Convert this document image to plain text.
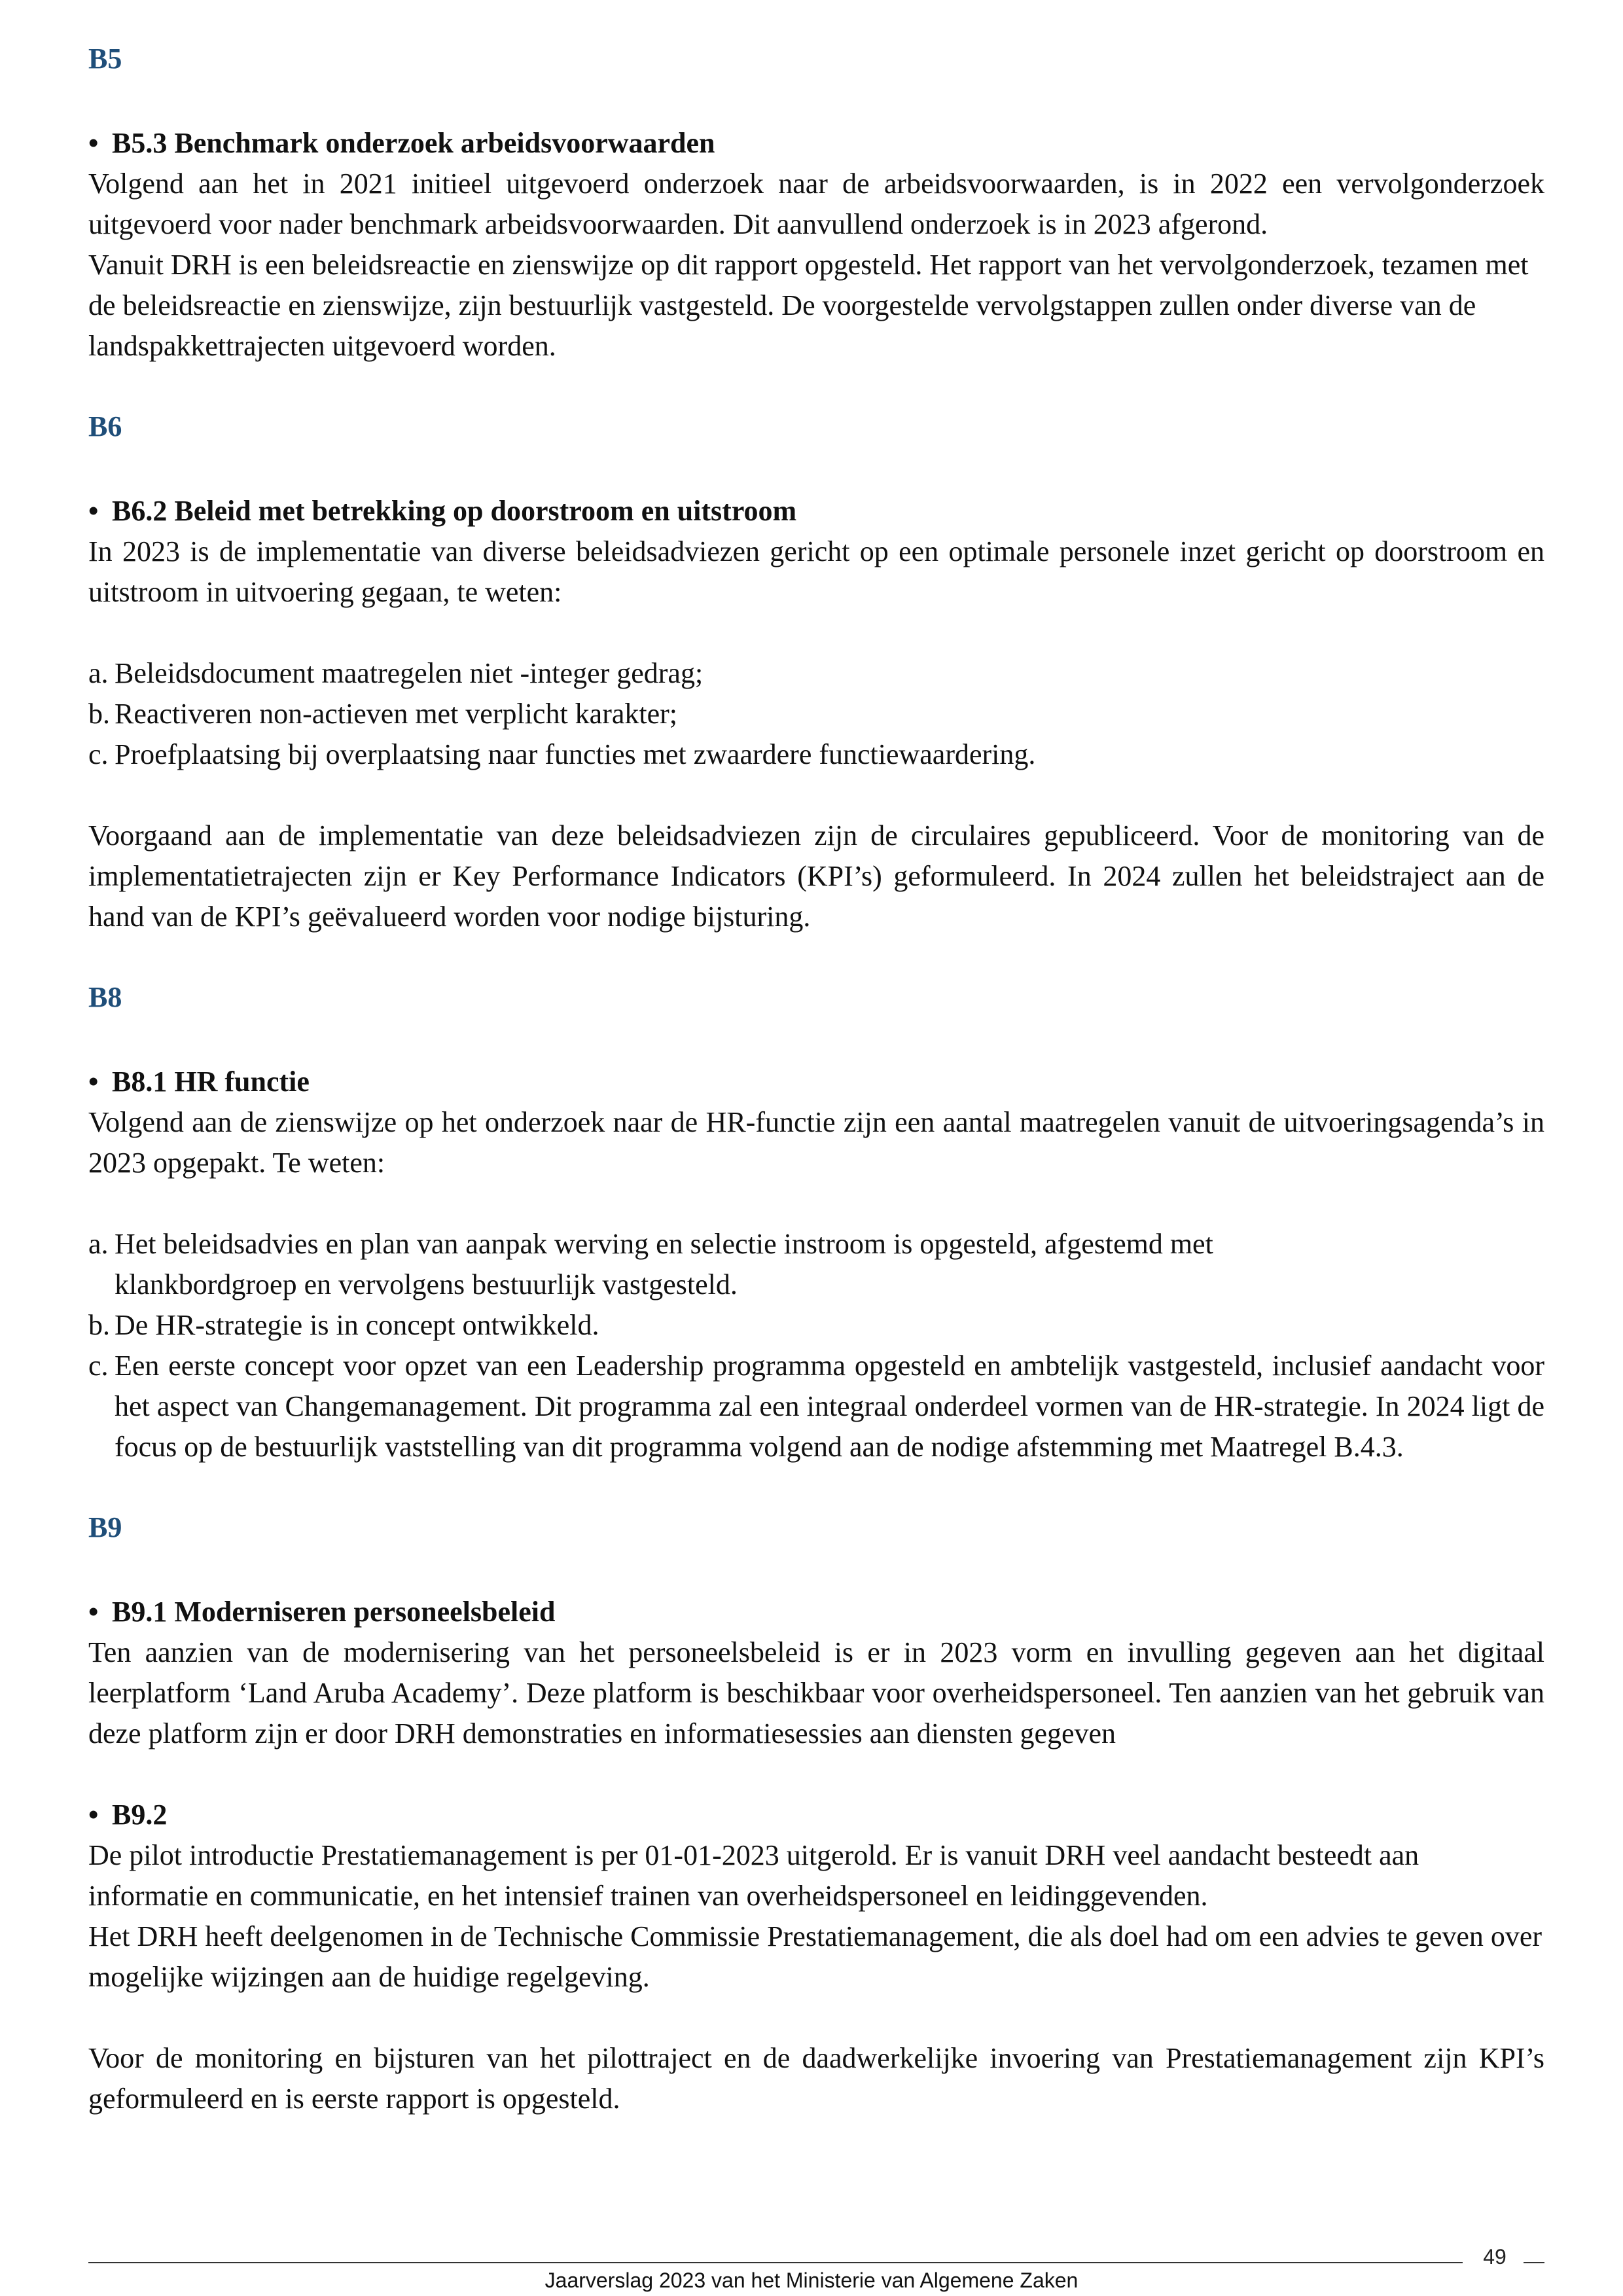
B5
• B5.3 Benchmark onderzoek arbeidsvoorwaarden

Volgend aan het in 2021 initieel uitgevoerd onderzoek naar de arbeidsvoorwaarden, is in 2022 een vervolgonderzoek uitgevoerd voor nader benchmark arbeidsvoorwaarden. Dit aanvullend onderzoek is in 2023 afgerond.

Vanuit DRH is een beleidsreactie en zienswijze op dit rapport opgesteld. Het rapport van het vervolgonderzoek, tezamen met de beleidsreactie en zienswijze, zijn bestuurlijk vastgesteld. De voorgestelde vervolgstappen zullen onder diverse van de landspakkettrajecten uitgevoerd worden.

B6
• B6.2 Beleid met betrekking op doorstroom en uitstroom

In 2023 is de implementatie van diverse beleidsadviezen gericht op een optimale personele inzet gericht op doorstroom en uitstroom in uitvoering gegaan, te weten:

a. Beleidsdocument maatregelen niet -integer gedrag;
b. Reactiveren non-actieven met verplicht karakter;
c. Proefplaatsing bij overplaatsing naar functies met zwaardere functiewaardering.

Voorgaand aan de implementatie van deze beleidsadviezen zijn de circulaires gepubliceerd. Voor de monitoring van de implementatietrajecten zijn er Key Performance Indicators (KPI’s) geformuleerd. In 2024 zullen het beleidstraject aan de hand van de KPI’s geëvalueerd worden voor nodige bijsturing.

B8
• B8.1 HR functie

Volgend aan de zienswijze op het onderzoek naar de HR-functie zijn een aantal maatregelen vanuit de uitvoeringsagenda’s in 2023 opgepakt. Te weten:

a. Het beleidsadvies en plan van aanpak werving en selectie instroom is opgesteld, afgestemd met klankbordgroep en vervolgens bestuurlijk vastgesteld.
b. De HR-strategie is in concept ontwikkeld.
c. Een eerste concept voor opzet van een Leadership programma opgesteld en ambtelijk vastgesteld, inclusief aandacht voor het aspect van Changemanagement. Dit programma zal een integraal onderdeel vormen van de HR-strategie. In 2024 ligt de focus op de bestuurlijk vaststelling van dit programma volgend aan de nodige afstemming met Maatregel B.4.3.
B9
• B9.1 Moderniseren personeelsbeleid

Ten aanzien van de modernisering van het personeelsbeleid is er in 2023 vorm en invulling gegeven aan het digitaal leerplatform ‘Land Aruba Academy’. Deze platform is beschikbaar voor overheidspersoneel. Ten aanzien van het gebruik van deze platform zijn er door DRH demonstraties en informatiesessies aan diensten gegeven

• B9.2

De pilot introductie Prestatiemanagement is per 01-01-2023 uitgerold. Er is vanuit DRH veel aandacht besteedt aan informatie en communicatie, en het intensief trainen van overheidspersoneel en leidinggevenden.

Het DRH heeft deelgenomen in de Technische Commissie Prestatiemanagement, die als doel had om een advies te geven over mogelijke wijzingen aan de huidige regelgeving.

Voor de monitoring en bijsturen van het pilottraject en de daadwerkelijke invoering van Prestatiemanagement zijn KPI’s geformuleerd en is eerste rapport is opgesteld.

49
Jaarverslag 2023 van het Ministerie van Algemene Zaken
